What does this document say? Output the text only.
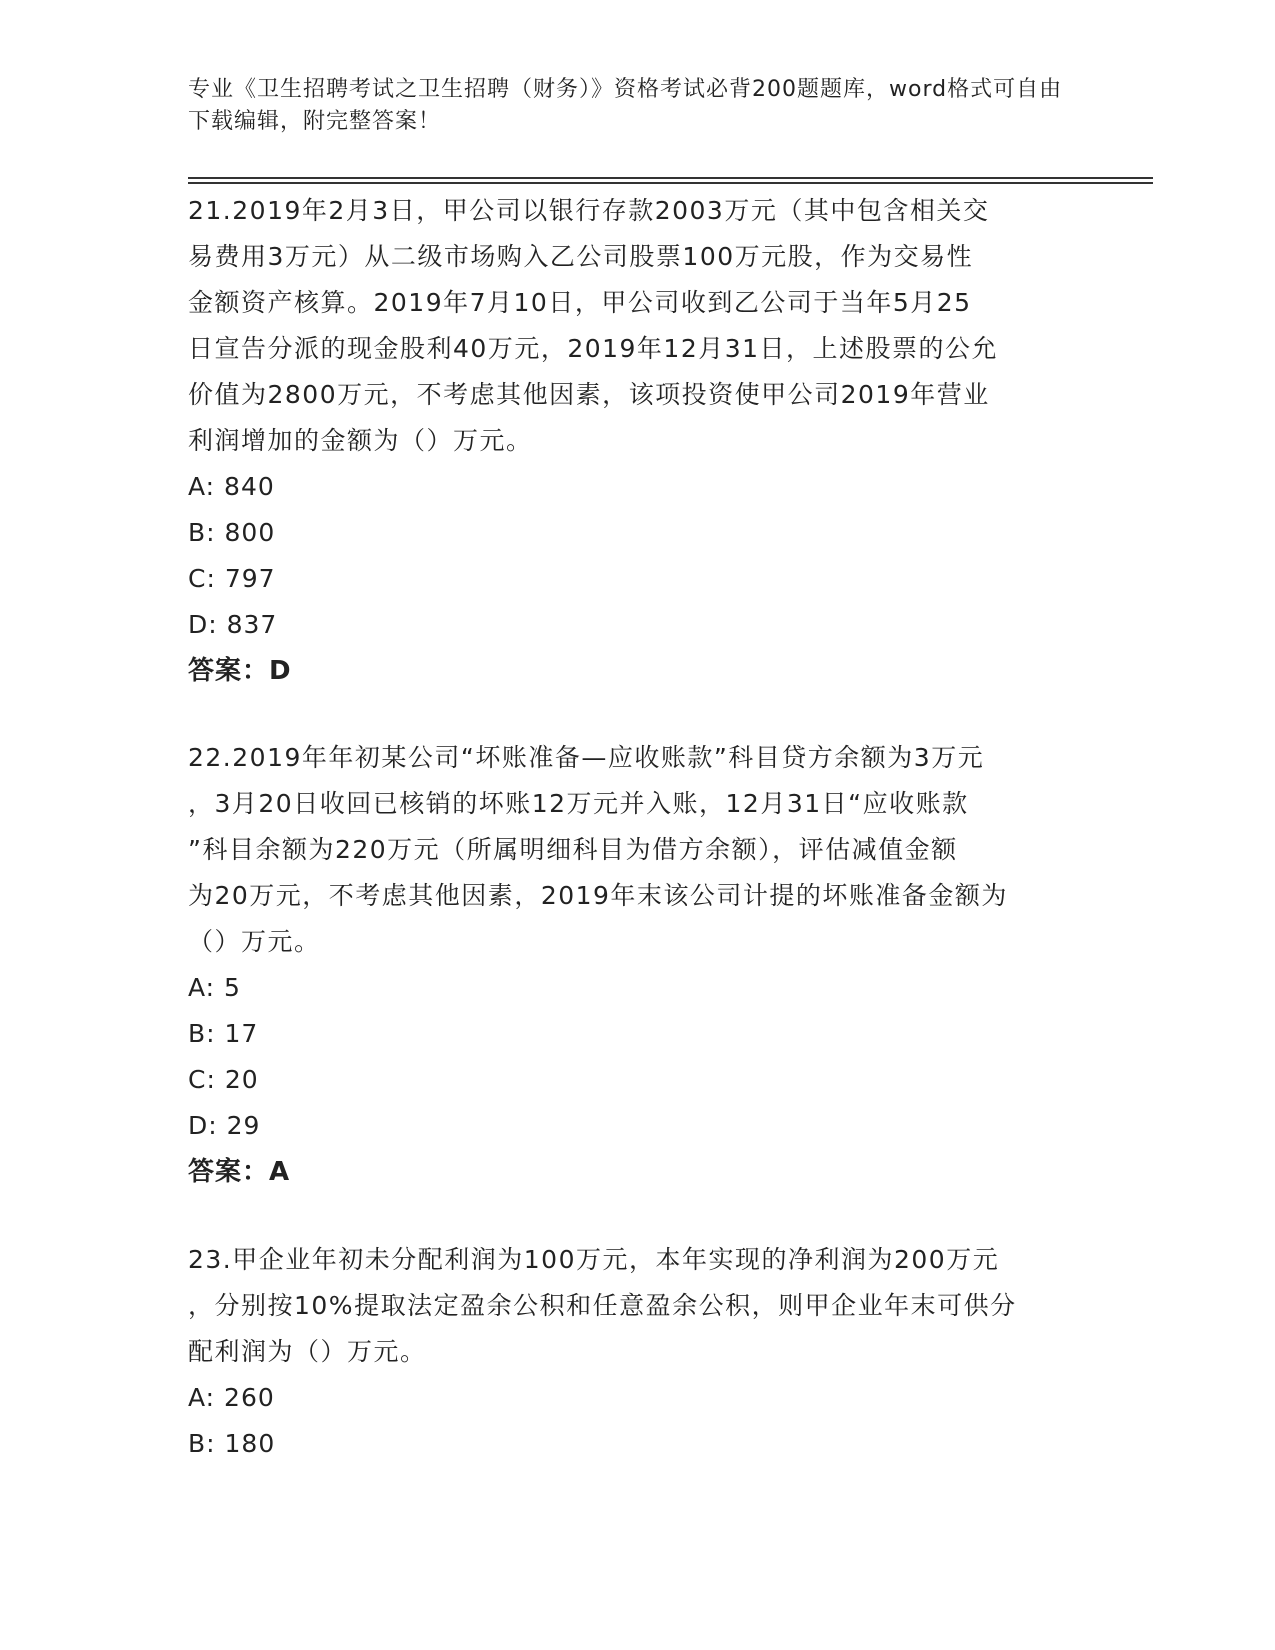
专业《卫生招聘考试之卫生招聘（财务）》资格考试必背200题题库，word格式可自由下载编辑，附完整答案！

21.2019年2月3日，甲公司以银行存款2003万元（其中包含相关交
易费用3万元）从二级市场购入乙公司股票100万元股，作为交易性
金额资产核算。2019年7月10日，甲公司收到乙公司于当年5月25
日宣告分派的现金股利40万元，2019年12月31日，上述股票的公允
价值为2800万元，不考虑其他因素，该项投资使甲公司2019年营业
利润增加的金额为（）万元。

A: 840

B: 800

C: 797

D: 837

答案：D

22.2019年年初某公司“坏账准备—应收账款”科目贷方余额为3万元
，3月20日收回已核销的坏账12万元并入账，12月31日“应收账款
”科目余额为220万元（所属明细科目为借方余额），评估减值金额
为20万元，不考虑其他因素，2019年末该公司计提的坏账准备金额为
（）万元。

A: 5

B: 17

C: 20

D: 29

答案：A

23.甲企业年初未分配利润为100万元，本年实现的净利润为200万元
，分别按10%提取法定盈余公积和任意盈余公积，则甲企业年末可供分
配利润为（）万元。

A: 260

B: 180
